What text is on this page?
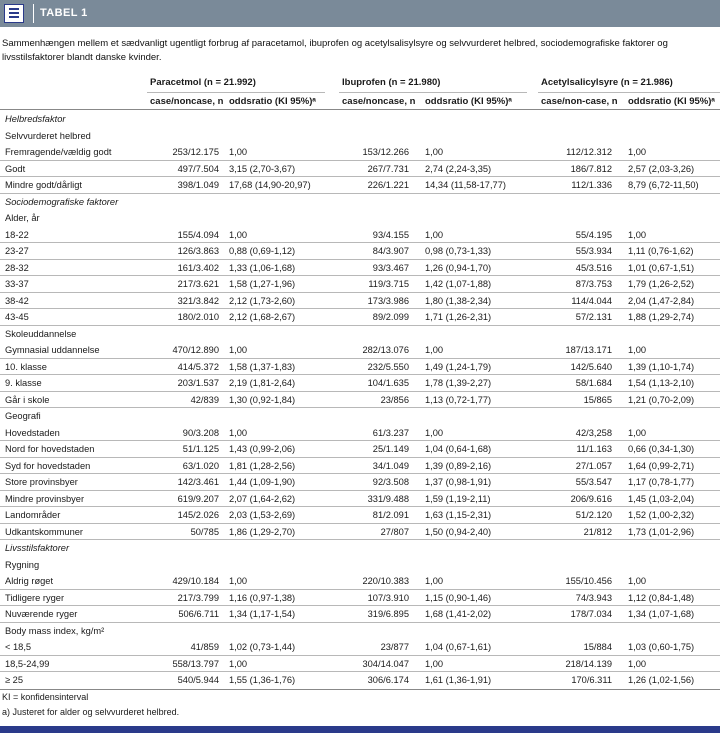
TABEL 1
Sammenhængen mellem et sædvanligt ugentligt forbrug af paracetamol, ibuprofen og acetylsalisylsyre og selvvurderet helbred, sociodemografiske faktorer og livsstilsfaktorer blandt danske kvinder.
Paracetmol (n = 21.992)	Ibuprofen (n = 21.980)	Acetylsalicylsyre (n = 21.986)
case/noncase, n oddsratio (KI 95%)ᵃ	case/noncase, n oddsratio (KI 95%)ᵃ	case/non-case, n oddsratio (KI 95%)ᵃ
Helbredsfaktor
Selvvurderet helbred
Fremragende/vældig godt	253/12.175 1,00	153/12.266 1,00	112/12.312 1,00
Godt	497/7.504 3,15 (2,70-3,67)	267/7.731 2,74 (2,24-3,35)	186/7.812 2,57 (2,03-3,26)
Mindre godt/dårligt	398/1.049 17,68 (14,90-20,97)	226/1.221 14,34 (11,58-17,77)	112/1.336 8,79 (6,72-11,50)
Sociodemografiske faktorer
Alder, år
18-22	155/4.094 1,00	93/4.155 1,00	55/4.195 1,00
23-27	126/3.863 0,88 (0,69-1,12)	84/3.907 0,98 (0,73-1,33)	55/3.934 1,11 (0,76-1,62)
28-32	161/3.402 1,33 (1,06-1,68)	93/3.467 1,26 (0,94-1,70)	45/3.516 1,01 (0,67-1,51)
33-37	217/3.621 1,58 (1,27-1,96)	119/3.715 1,42 (1,07-1,88)	87/3.753 1,79 (1,26-2,52)
38-42	321/3.842 2,12 (1,73-2,60)	173/3.986 1,80 (1,38-2,34)	114/4.044 2,04 (1,47-2,84)
43-45	180/2.010 2,12 (1,68-2,67)	89/2.099 1,71 (1,26-2,31)	57/2.131 1,88 (1,29-2,74)
Skoleuddannelse
Gymnasial uddannelse	470/12.890 1,00	282/13.076 1,00	187/13.171 1,00
10. klasse	414/5.372 1,58 (1,37-1,83)	232/5.550 1,49 (1,24-1,79)	142/5.640 1,39 (1,10-1,74)
9. klasse	203/1.537 2,19 (1,81-2,64)	104/1.635 1,78 (1,39-2,27)	58/1.684 1,54 (1,13-2,10)
Går i skole	42/839 1,30 (0,92-1,84)	23/856 1,13 (0,72-1,77)	15/865 1,21 (0,70-2,09)
Geografi
Hovedstaden	90/3.208 1,00	61/3.237 1,00	42/3,258 1,00
Nord for hovedstaden	51/1.125 1,43 (0,99-2,06)	25/1.149 1,04 (0,64-1,68)	11/1.163 0,66 (0,34-1,30)
Syd for hovedstaden	63/1.020 1,81 (1,28-2,56)	34/1.049 1,39 (0,89-2,16)	27/1.057 1,64 (0,99-2,71)
Store provinsbyer	142/3.461 1,44 (1,09-1,90)	92/3.508 1,37 (0,98-1,91)	55/3.547 1,17 (0,78-1,77)
Mindre provinsbyer	619/9.207 2,07 (1,64-2,62)	331/9.488 1,59 (1,19-2,11)	206/9.616 1,45 (1,03-2,04)
Landområder	145/2.026 2,03 (1,53-2,69)	81/2.091 1,63 (1,15-2,31)	51/2.120 1,52 (1,00-2,32)
Udkantskommuner	50/785 1,86 (1,29-2,70)	27/807 1,50 (0,94-2,40)	21/812 1,73 (1,01-2,96)
Livsstilsfaktorer
Rygning
Aldrig røget	429/10.184 1,00	220/10.383 1,00	155/10.456 1,00
Tidligere ryger	217/3.799 1,16 (0,97-1,38)	107/3.910 1,15 (0,90-1,46)	74/3.943 1,12 (0,84-1,48)
Nuværende ryger	506/6.711 1,34 (1,17-1,54)	319/6.895 1,68 (1,41-2,02)	178/7.034 1,34 (1,07-1,68)
Body mass index, kg/m²
< 18,5	41/859 1,02 (0,73-1,44)	23/877 1,04 (0,67-1,61)	15/884 1,03 (0,60-1,75)
18,5-24,99	558/13.797 1,00	304/14.047 1,00	218/14.139 1,00
≥ 25	540/5.944 1,55 (1,36-1,76)	306/6.174 1,61 (1,36-1,91)	170/6.311 1,26 (1,02-1,56)
KI = konfidensinterval
a) Justeret for alder og selvvurderet helbred.
